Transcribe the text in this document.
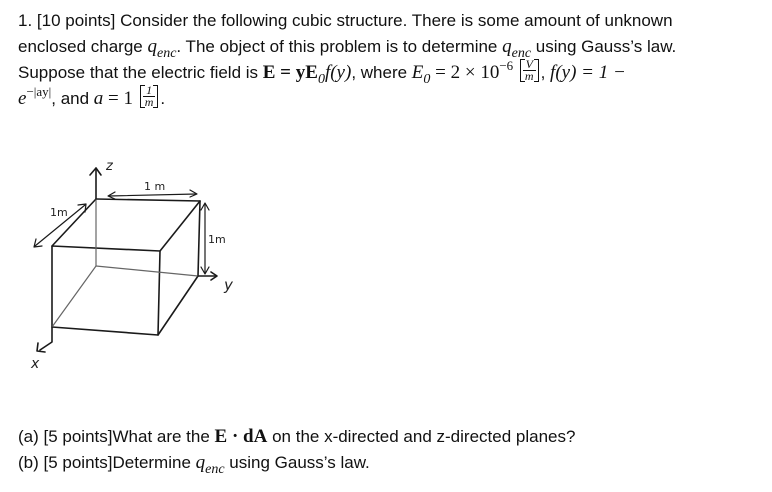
1. [10 points] Consider the following cubic structure. There is some amount of unknown
enclosed charge $q_{enc}$. The object of this problem is to determine $q_{enc}$ using Gauss’s law.
Suppose that the electric field is $E = yE_0f(y)$, where $E_0 = 2 \times 10^{-6} \frac{V}{m}$ , f(y) = 1 −
$e^{-|ay|}$, and $a = 1 \frac{1}{m}$ .
z
x
y
1 m
1m
1m
(a) [5 points]What are the E · dA on the x-directed and z-directed planes?
(b) [5 points]Determine $q_{enc}$ using Gauss’s law.
